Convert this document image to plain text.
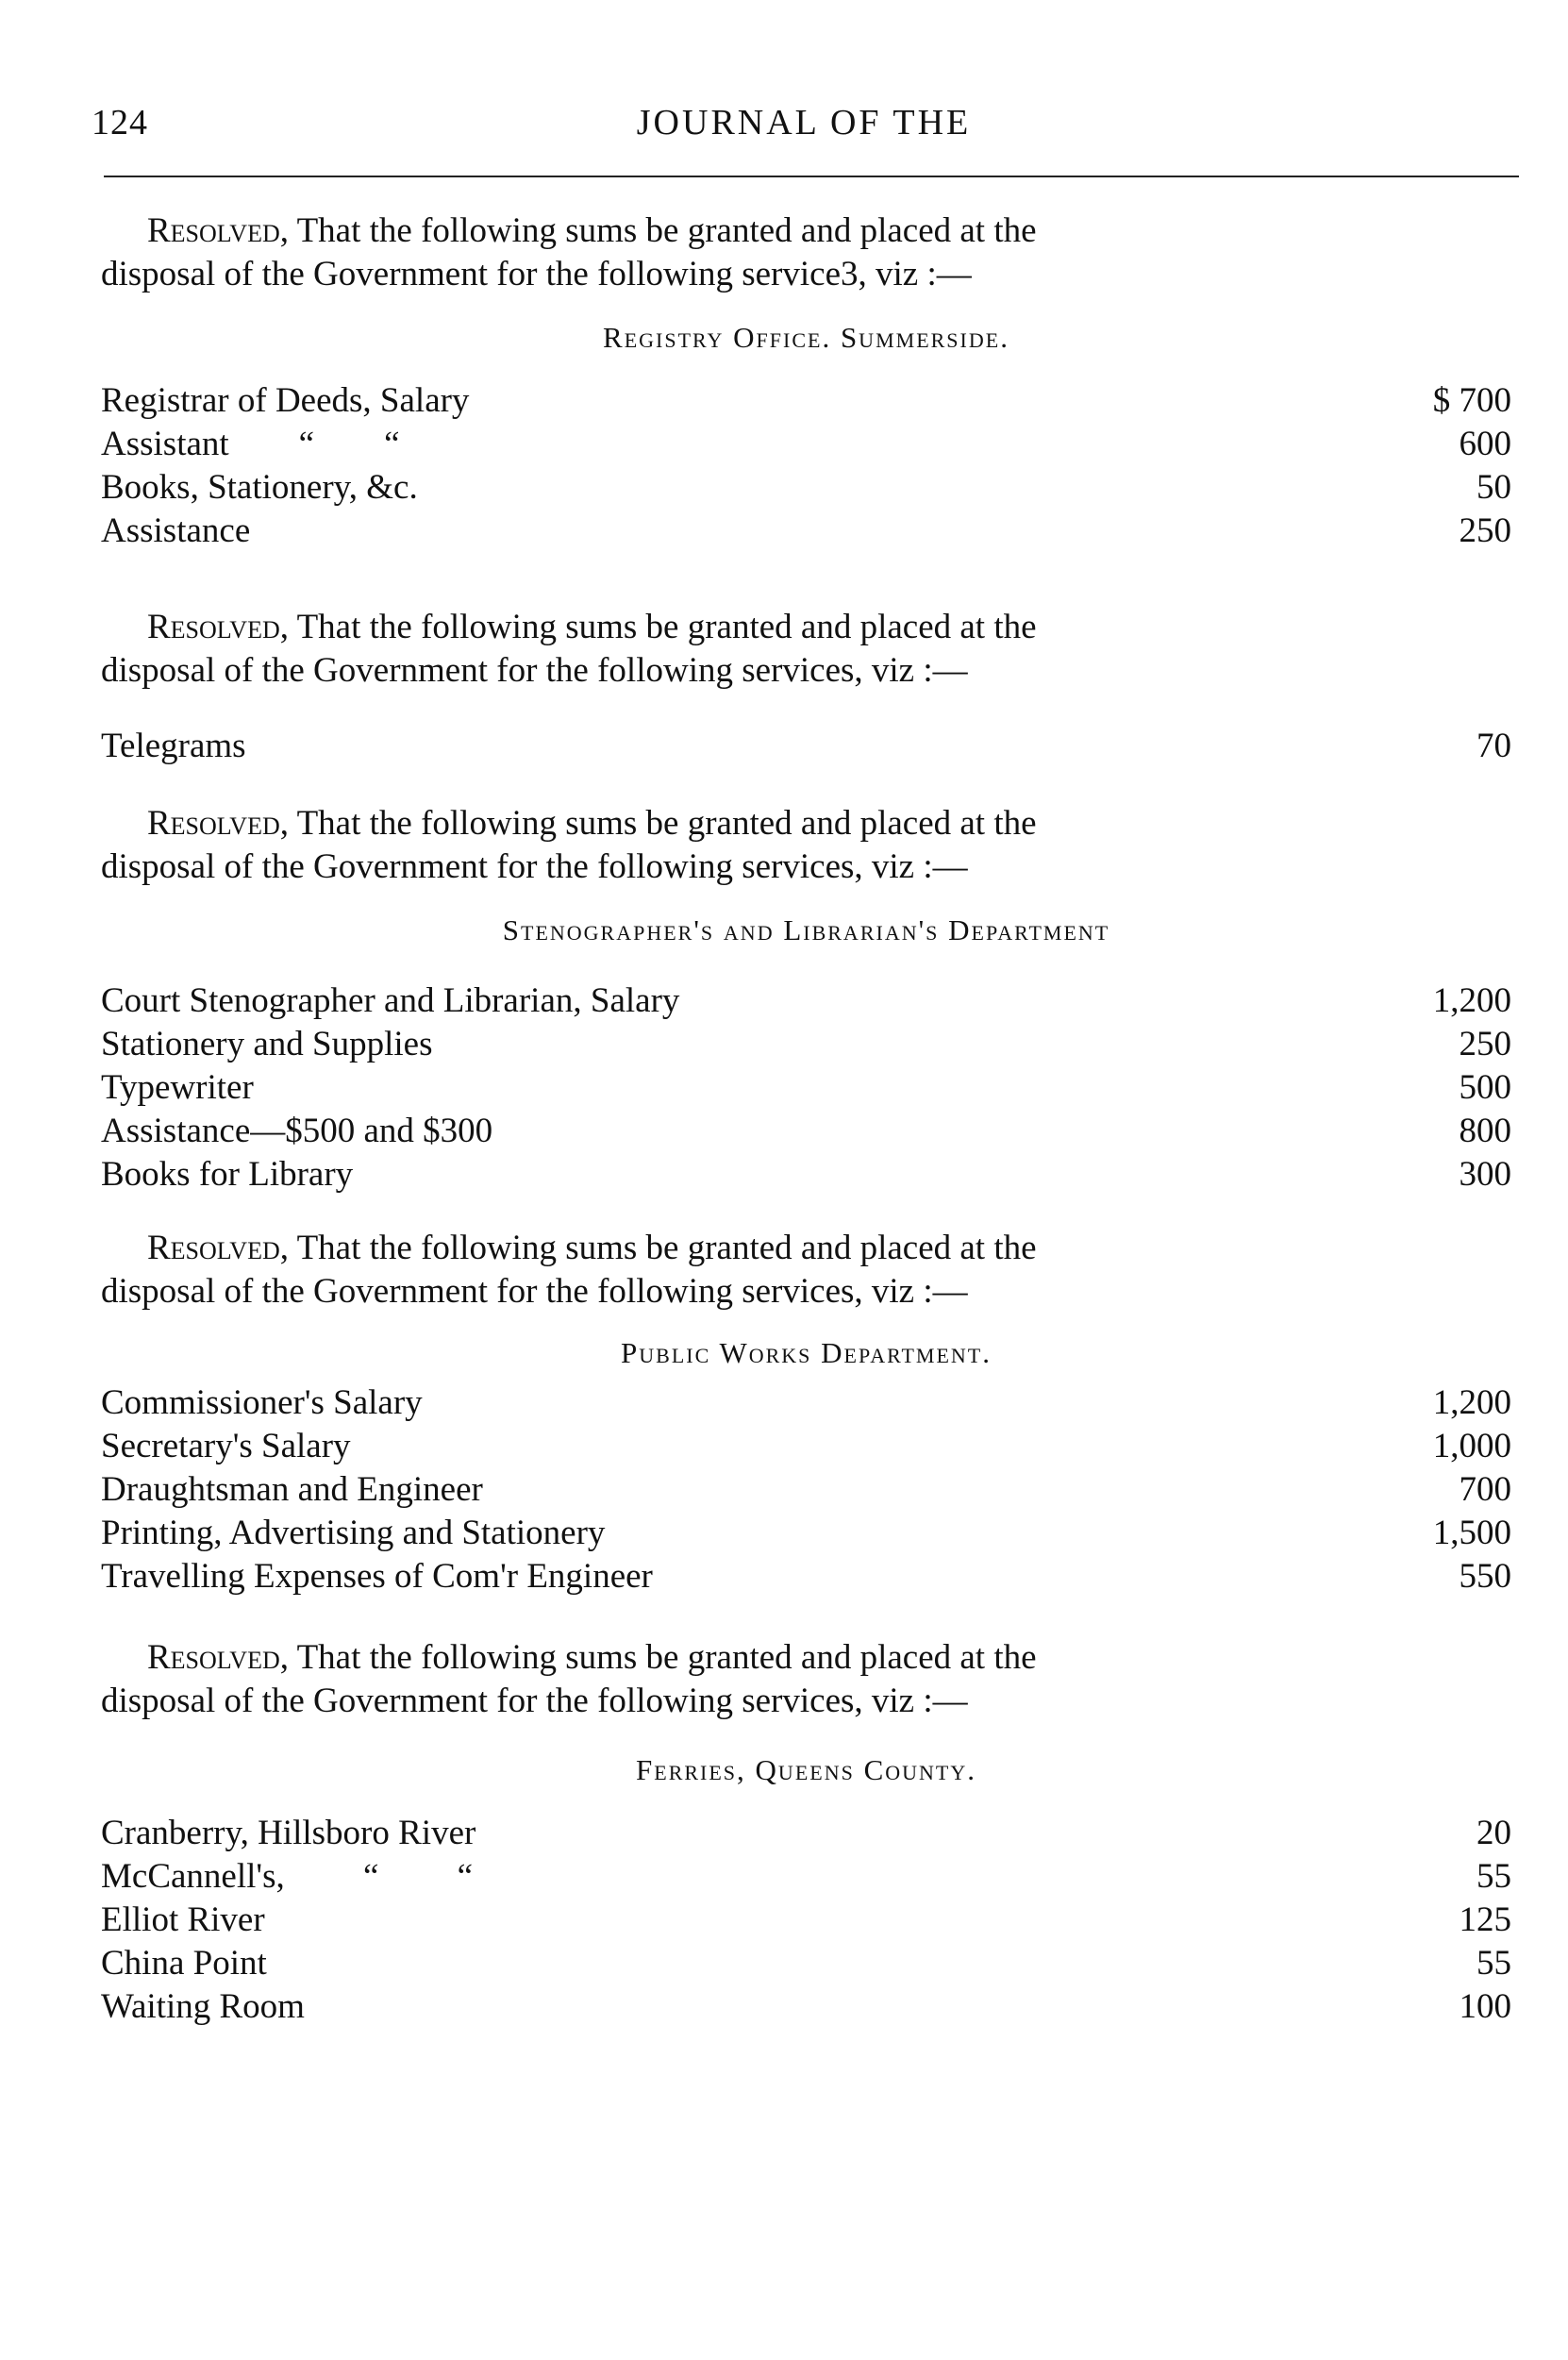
124	JOURNAL OF THE

Resolved, That the following sums be granted and placed at the
disposal of the Government for the following service3, viz :—

Registry Office. Summerside.
Registrar of Deeds, Salary	$ 700
Assistant        “        “	600
Books, Stationery, &c.	50
Assistance	250

Resolved, That the following sums be granted and placed at the
disposal of the Government for the following services, viz :—

Telegrams	70

Resolved, That the following sums be granted and placed at the
disposal of the Government for the following services, viz :—

Stenographer's and Librarian's Department
Court Stenographer and Librarian, Salary	1,200
Stationery and Supplies	250
Typewriter	500
Assistance—$500 and $300	800
Books for Library	300

Resolved, That the following sums be granted and placed at the
disposal of the Government for the following services, viz :—

Public Works Department.
Commissioner's Salary	1,200
Secretary's Salary	1,000
Draughtsman and Engineer	700
Printing, Advertising and Stationery	1,500
Travelling Expenses of Com'r Engineer	550

Resolved, That the following sums be granted and placed at the
disposal of the Government for the following services, viz :—

Ferries, Queens County.
Cranberry, Hillsboro River	20
McCannell's,         “         “	55
Elliot River	125
China Point	55
Waiting Room	100
